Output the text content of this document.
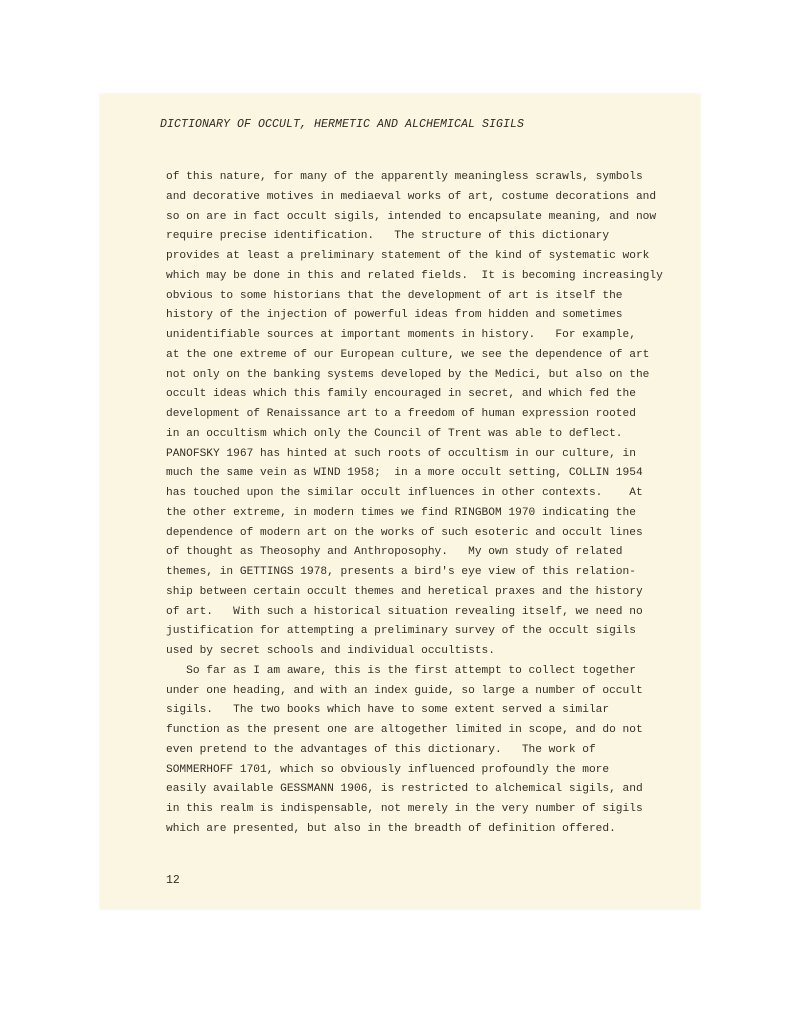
DICTIONARY OF OCCULT, HERMETIC AND ALCHEMICAL SIGILS
of this nature, for many of the apparently meaningless scrawls, symbols
and decorative motives in mediaeval works of art, costume decorations and
so on are in fact occult sigils, intended to encapsulate meaning, and now
require precise identification.   The structure of this dictionary
provides at least a preliminary statement of the kind of systematic work
which may be done in this and related fields.  It is becoming increasingly
obvious to some historians that the development of art is itself the
history of the injection of powerful ideas from hidden and sometimes
unidentifiable sources at important moments in history.   For example,
at the one extreme of our European culture, we see the dependence of art
not only on the banking systems developed by the Medici, but also on the
occult ideas which this family encouraged in secret, and which fed the
development of Renaissance art to a freedom of human expression rooted
in an occultism which only the Council of Trent was able to deflect.
PANOFSKY 1967 has hinted at such roots of occultism in our culture, in
much the same vein as WIND 1958;  in a more occult setting, COLLIN 1954
has touched upon the similar occult influences in other contexts.    At
the other extreme, in modern times we find RINGBOM 1970 indicating the
dependence of modern art on the works of such esoteric and occult lines
of thought as Theosophy and Anthroposophy.   My own study of related
themes, in GETTINGS 1978, presents a bird's eye view of this relation-
ship between certain occult themes and heretical praxes and the history
of art.   With such a historical situation revealing itself, we need no
justification for attempting a preliminary survey of the occult sigils
used by secret schools and individual occultists.
So far as I am aware, this is the first attempt to collect together
under one heading, and with an index guide, so large a number of occult
sigils.   The two books which have to some extent served a similar
function as the present one are altogether limited in scope, and do not
even pretend to the advantages of this dictionary.   The work of
SOMMERHOFF 1701, which so obviously influenced profoundly the more
easily available GESSMANN 1906, is restricted to alchemical sigils, and
in this realm is indispensable, not merely in the very number of sigils
which are presented, but also in the breadth of definition offered.
12
